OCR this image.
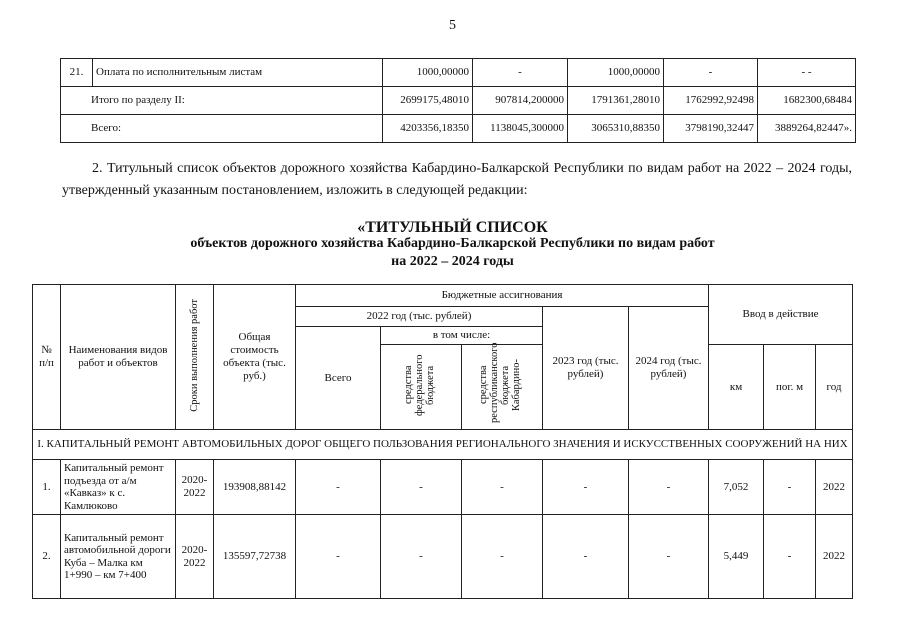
5
21.	Оплата по исполнительным листам	1000,00000	-	1000,00000	-	- -
Итого по разделу II:		2699175,48010	907814,200000	1791361,28010	1762992,92498	1682300,68484
Всего:		4203356,18350	1138045,300000	3065310,88350	3798190,32447	3889264,82447».
2. Титульный список объектов дорожного хозяйства Кабардино-Балкарской Республики по видам работ на 2022 – 2024 годы, утвержденный указанным постановлением, изложить в следующей редакции:
«ТИТУЛЬНЫЙ СПИСОК
объектов дорожного хозяйства Кабардино-Балкарской Республики по видам работ
на 2022 – 2024 годы
№ п/п	Наименования видов работ и объектов	Сроки выполнения работ	Общая стоимость объекта (тыс. руб.)	Бюджетные ассигнования					Ввод в действие		
				2022 год (тыс. рублей)			2023 год (тыс. рублей)	2024 год (тыс. рублей)			
				Всего	в том числе:						
					средства федерального бюджета	средства республиканского бюджета Кабардино-			км	пог. м	год
I. КАПИТАЛЬНЫЙ РЕМОНТ АВТОМОБИЛЬНЫХ ДОРОГ ОБЩЕГО ПОЛЬЗОВАНИЯ РЕГИОНАЛЬНОГО ЗНАЧЕНИЯ И ИСКУССТВЕННЫХ СООРУЖЕНИЙ НА НИХ											
1.	Капитальный ремонт подъезда от а/м «Кавказ» к с. Камлюково	2020-2022	193908,88142	-	-	-	-	-	7,052	-	2022
2.	Капитальный ремонт автомобильной дороги Куба – Малка км 1+990 – км 7+400	2020-2022	135597,72738	-	-	-	-	-	5,449	-	2022
